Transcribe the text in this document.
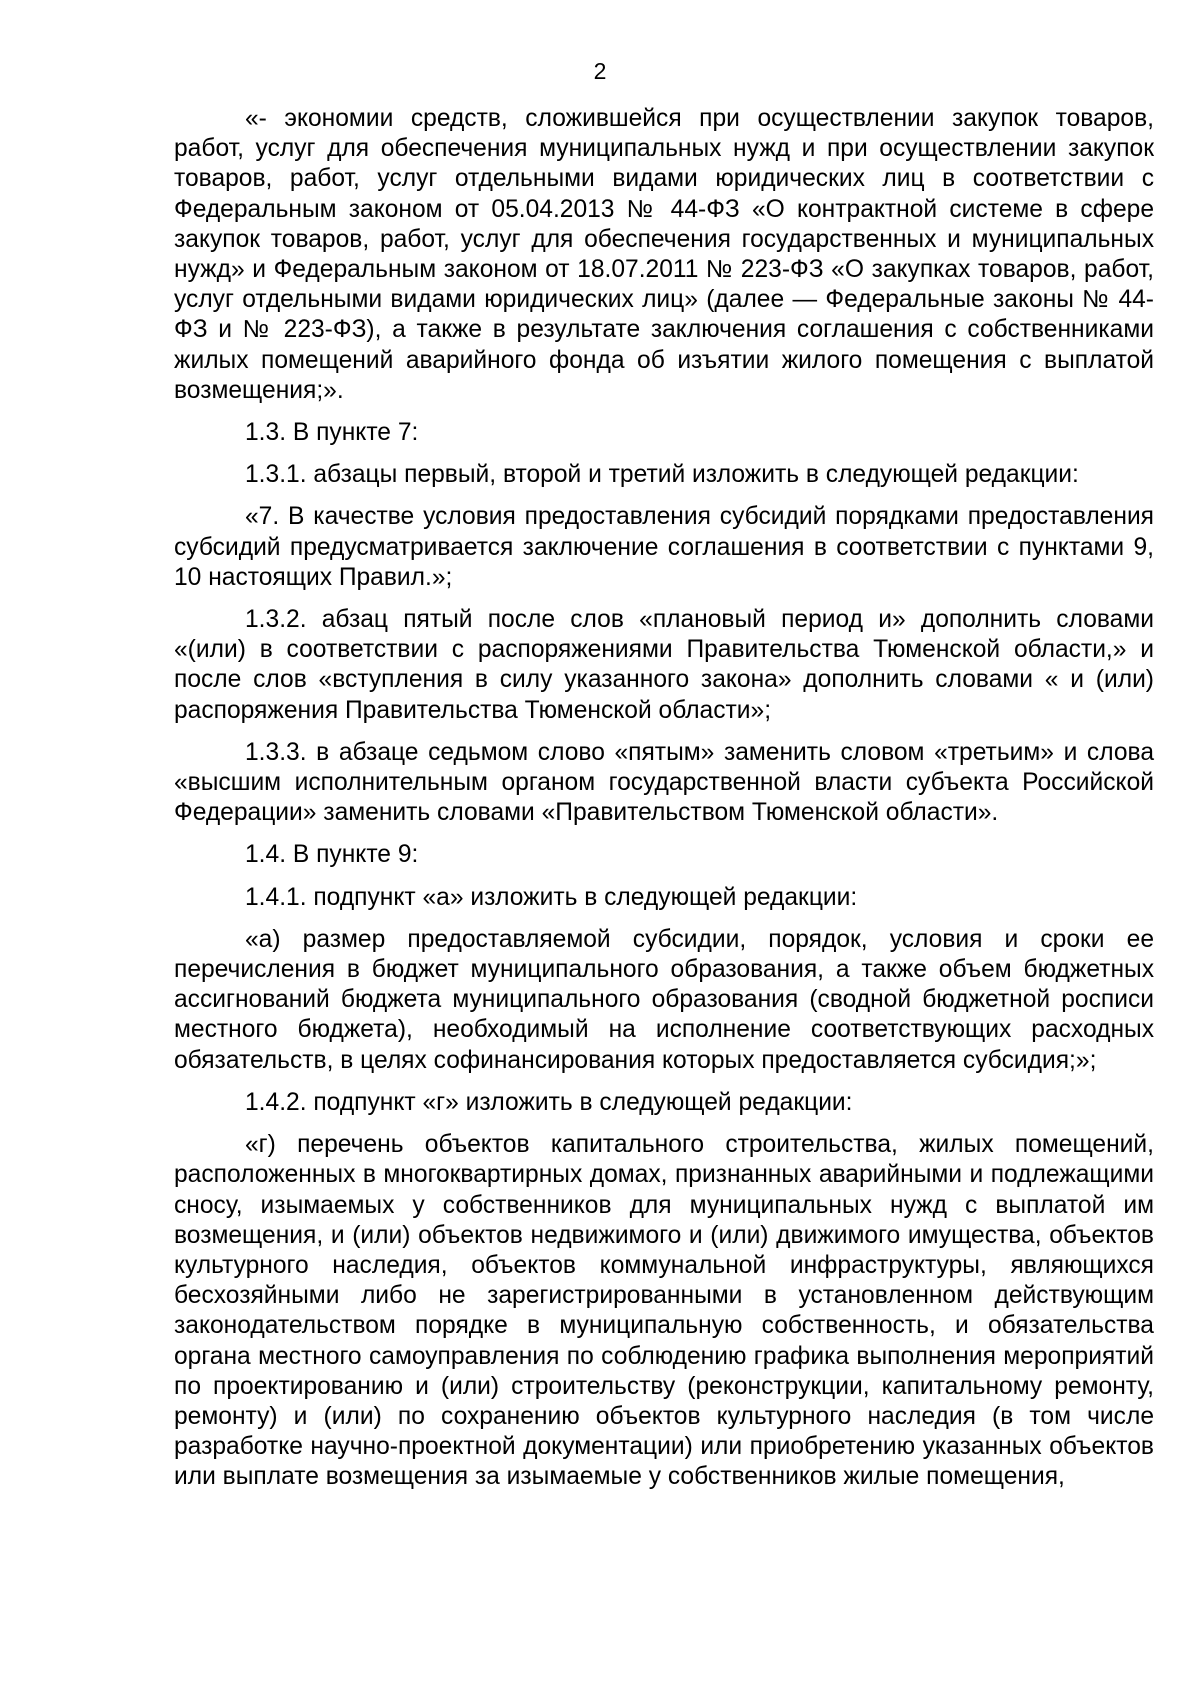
2

«- экономии средств, сложившейся при осуществлении закупок товаров, работ, услуг для обеспечения муниципальных нужд и при осуществлении закупок товаров, работ, услуг отдельными видами юридических лиц в соответствии с Федеральным законом от 05.04.2013 № 44-ФЗ «О контрактной системе в сфере закупок товаров, работ, услуг для обеспечения государственных и муниципальных нужд» и Федеральным законом от 18.07.2011 № 223-ФЗ «О закупках товаров, работ, услуг отдельными видами юридических лиц» (далее — Федеральные законы № 44-ФЗ и № 223-ФЗ), а также в результате заключения соглашения с собственниками жилых помещений аварийного фонда об изъятии жилого помещения с выплатой возмещения;».

1.3. В пункте 7:

1.3.1. абзацы первый, второй и третий изложить в следующей редакции:

«7. В качестве условия предоставления субсидий порядками предоставления субсидий предусматривается заключение соглашения в соответствии с пунктами 9, 10 настоящих Правил.»;

1.3.2. абзац пятый после слов «плановый период и» дополнить словами «(или) в соответствии с распоряжениями Правительства Тюменской области,» и после слов «вступления в силу указанного закона» дополнить словами « и (или) распоряжения Правительства Тюменской области»;

1.3.3. в абзаце седьмом слово «пятым» заменить словом «третьим» и слова «высшим исполнительным органом государственной власти субъекта Российской Федерации» заменить словами «Правительством Тюменской области».

1.4. В пункте 9:

1.4.1. подпункт «а» изложить в следующей редакции:

«а) размер предоставляемой субсидии, порядок, условия и сроки ее перечисления в бюджет муниципального образования, а также объем бюджетных ассигнований бюджета муниципального образования (сводной бюджетной росписи местного бюджета), необходимый на исполнение соответствующих расходных обязательств, в целях софинансирования которых предоставляется субсидия;»;

1.4.2. подпункт «г» изложить в следующей редакции:

«г) перечень объектов капитального строительства, жилых помещений, расположенных в многоквартирных домах, признанных аварийными и подлежащими сносу, изымаемых у собственников для муниципальных нужд с выплатой им возмещения, и (или) объектов недвижимого и (или) движимого имущества, объектов культурного наследия, объектов коммунальной инфраструктуры, являющихся бесхозяйными либо не зарегистрированными в установленном действующим законодательством порядке в муниципальную собственность, и обязательства органа местного самоуправления по соблюдению графика выполнения мероприятий по проектированию и (или) строительству (реконструкции, капитальному ремонту, ремонту) и (или) по сохранению объектов культурного наследия (в том числе разработке научно-проектной документации) или приобретению указанных объектов или выплате возмещения за изымаемые у собственников жилые помещения,
